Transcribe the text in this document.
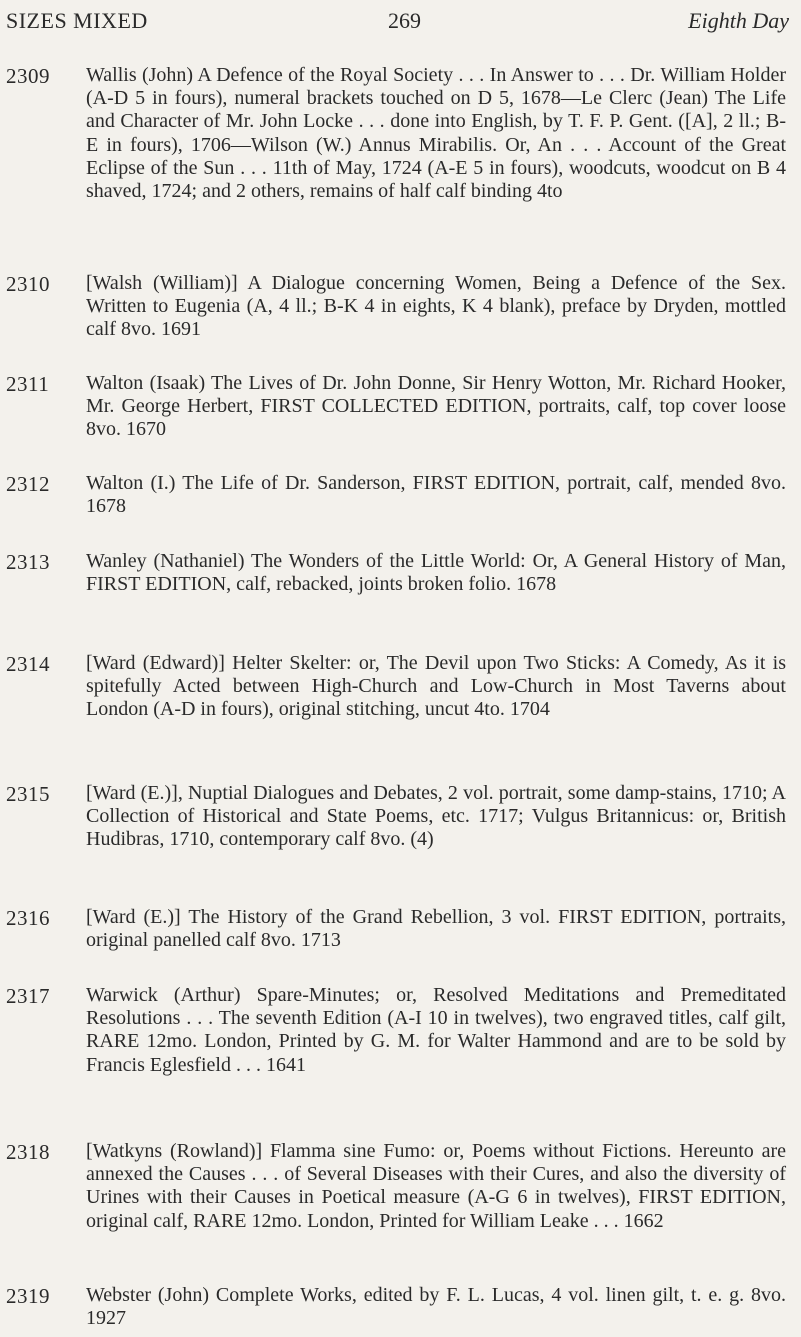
SIZES MIXED	269	Eighth Day
2309 Wallis (John) A Defence of the Royal Society . . . In Answer to . . . Dr. William Holder (A-D 5 in fours), numeral brackets touched on D 5, 1678—Le Clerc (Jean) The Life and Character of Mr. John Locke . . . done into English, by T. F. P. Gent. ([A], 2 ll.; B-E in fours), 1706—Wilson (W.) Annus Mirabilis. Or, An . . . Account of the Great Eclipse of the Sun . . . 11th of May, 1724 (A-E 5 in fours), woodcuts, woodcut on B 4 shaved, 1724; and 2 others, remains of half calf binding 4to
2310 [Walsh (William)] A Dialogue concerning Women, Being a Defence of the Sex. Written to Eugenia (A, 4 ll.; B-K 4 in eights, K 4 blank), preface by Dryden, mottled calf 8vo. 1691
2311 Walton (Isaak) The Lives of Dr. John Donne, Sir Henry Wotton, Mr. Richard Hooker, Mr. George Herbert, FIRST COLLECTED EDITION, portraits, calf, top cover loose 8vo. 1670
2312 Walton (I.) The Life of Dr. Sanderson, FIRST EDITION, portrait, calf, mended 8vo. 1678
2313 Wanley (Nathaniel) The Wonders of the Little World: Or, A General History of Man, FIRST EDITION, calf, rebacked, joints broken folio. 1678
2314 [Ward (Edward)] Helter Skelter: or, The Devil upon Two Sticks: A Comedy, As it is spitefully Acted between High-Church and Low-Church in Most Taverns about London (A-D in fours), original stitching, uncut 4to. 1704
2315 [Ward (E.)], Nuptial Dialogues and Debates, 2 vol. portrait, some damp-stains, 1710; A Collection of Historical and State Poems, etc. 1717; Vulgus Britannicus: or, British Hudibras, 1710, contemporary calf 8vo. (4)
2316 [Ward (E.)] The History of the Grand Rebellion, 3 vol. FIRST EDITION, portraits, original panelled calf 8vo. 1713
2317 Warwick (Arthur) Spare-Minutes; or, Resolved Meditations and Premeditated Resolutions . . . The seventh Edition (A-I 10 in twelves), two engraved titles, calf gilt, RARE 12mo. London, Printed by G. M. for Walter Hammond and are to be sold by Francis Eglesfield . . . 1641
2318 [Watkyns (Rowland)] Flamma sine Fumo: or, Poems without Fictions. Hereunto are annexed the Causes . . . of Several Diseases with their Cures, and also the diversity of Urines with their Causes in Poetical measure (A-G 6 in twelves), FIRST EDITION, original calf, RARE 12mo. London, Printed for William Leake . . . 1662
2319 Webster (John) Complete Works, edited by F. L. Lucas, 4 vol. linen gilt, t. e. g. 8vo. 1927
